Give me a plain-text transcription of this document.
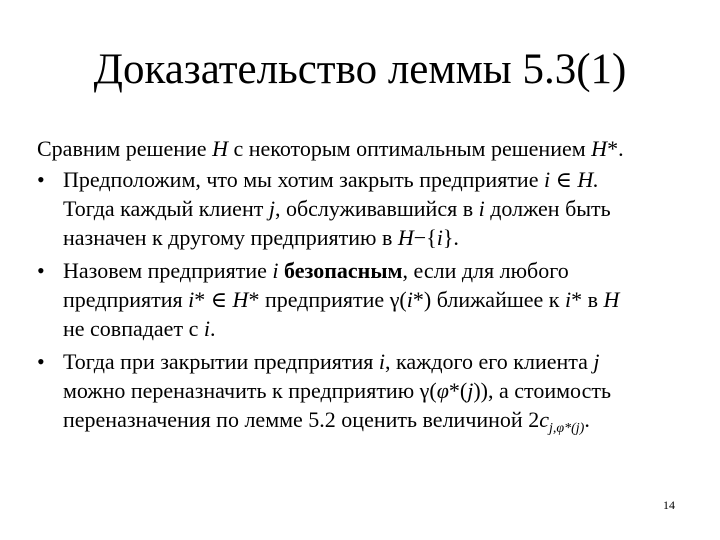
Доказательство леммы 5.3(1)
Сравним решение H с некоторым оптимальным решением H*.
• Предположим, что мы хотим закрыть предприятие i ∈ H.
Тогда каждый клиент j, обслуживавшийся в i должен быть
назначен к другому предприятию в H−{i}.
• Назовем предприятие i безопасным, если для любого
предприятия i* ∈ H* предприятие γ(i*) ближайшее к i* в H
не совпадает с i.
• Тогда при закрытии предприятия i, каждого его клиента j
можно переназначить к предприятию γ(φ*(j)), а стоимость
переназначения по лемме 5.2 оценить величиной $2c_{j,\varphi*(j)}$.
14
